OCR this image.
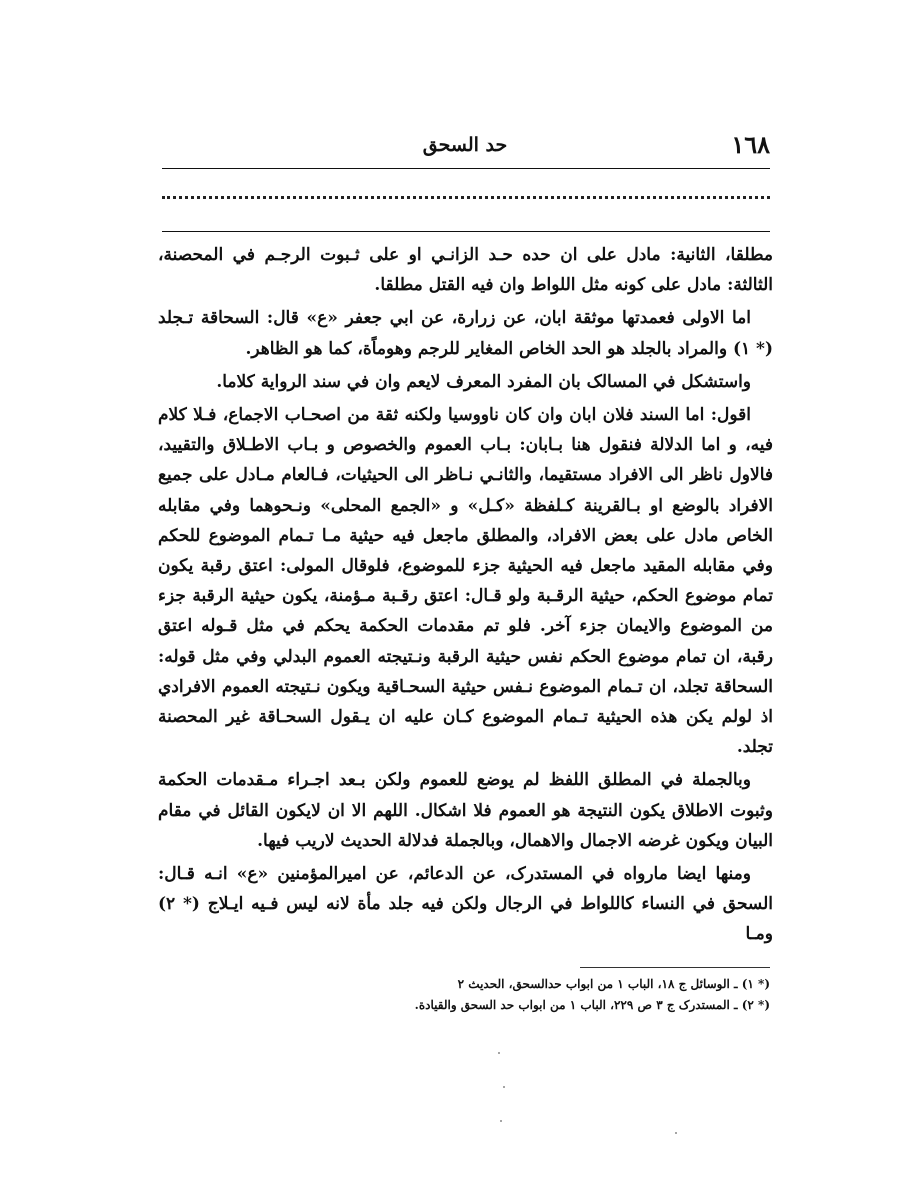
١٦٨
حد السحق

مطلقا، الثانية: مادل على ان حده حـد الزانـي او على ثـبوت الرجـم في المحصنة، الثالثة: مادل على كونه مثل اللواط وان فيه القتل مطلقا.

اما الاولى فعمدتها موثقة ابان، عن زرارة، عن ابي جعفر «ع» قال: السحاقة تـجلد (* ١) والمراد بالجلد هو الحد الخاص المغاير للرجم وهوماًة، كما هو الظاهر.

واستشكل في المسالک بان المفرد المعرف لايعم وان في سند الرواية كلاما.

اقول: اما السند فلان ابان وان كان ناووسيا ولكنه ثقة من اصحـاب الاجماع، فـلا كلام فيه، و اما الدلالة فنقول هنا بـابان: بـاب العموم والخصوص و بـاب الاطـلاق والتقييد، فالاول ناظر الى الافراد مستقيما، والثانـي نـاظر الى الحيثيات، فـالعام مـادل على جميع الافراد بالوضع او بـالقرينة كـلفظة «كـل» و «الجمع المحلى» ونـحوهما وفي مقابله الخاص مادل على بعض الافراد، والمطلق ماجعل فيه حيثية مـا تـمام الموضوع للحكم وفي مقابله المقيد ماجعل فيه الحيثية جزء للموضوع، فلوقال المولى: اعتق رقبة يكون تمام موضوع الحكم، حيثية الرقـبة ولو قـال: اعتق رقـبة مـؤمنة، يكون حيثية الرقبة جزء من الموضوع والايمان جزء آخر. فلو تم مقدمات الحكمة يحكم في مثل قـوله اعتق رقبة، ان تمام موضوع الحكم نفس حيثية الرقبة ونـتيجته العموم البدلي وفي مثل قوله: السحاقة تجلد، ان تـمام الموضوع نـفس حيثية السحـاقية ويكون نـتيجته العموم الافرادي اذ لولم يكن هذه الحيثية تـمام الموضوع كـان عليه ان يـقول السحـاقة غير المحصنة تجلد.

وبالجملة في المطلق اللفظ لم يوضع للعموم ولكن بـعد اجـراء مـقدمات الحكمة وثبوت الاطلاق يكون النتيجة هو العموم فلا اشكال. اللهم الا ان لايكون القائل في مقام البيان ويكون غرضه الاجمال والاهمال، وبالجملة فدلالة الحديث لاريب فيها.

ومنها ايضا مارواه في المستدرک، عن الدعائم، عن اميرالمؤمنين «ع» انـه قـال: السحق في النساء كاللواط في الرجال ولكن فيه جلد مأة لانه ليس فـيه ايـلاج (* ٢) ومـا

(* ١) ـ الوسائل ج ١٨، الباب ١ من ابواب حدالسحق، الحديث ٢

(* ٢) ـ المستدرک ج ٣ ص ٢٢٩، الباب ١ من ابواب حد السحق والقيادة.
